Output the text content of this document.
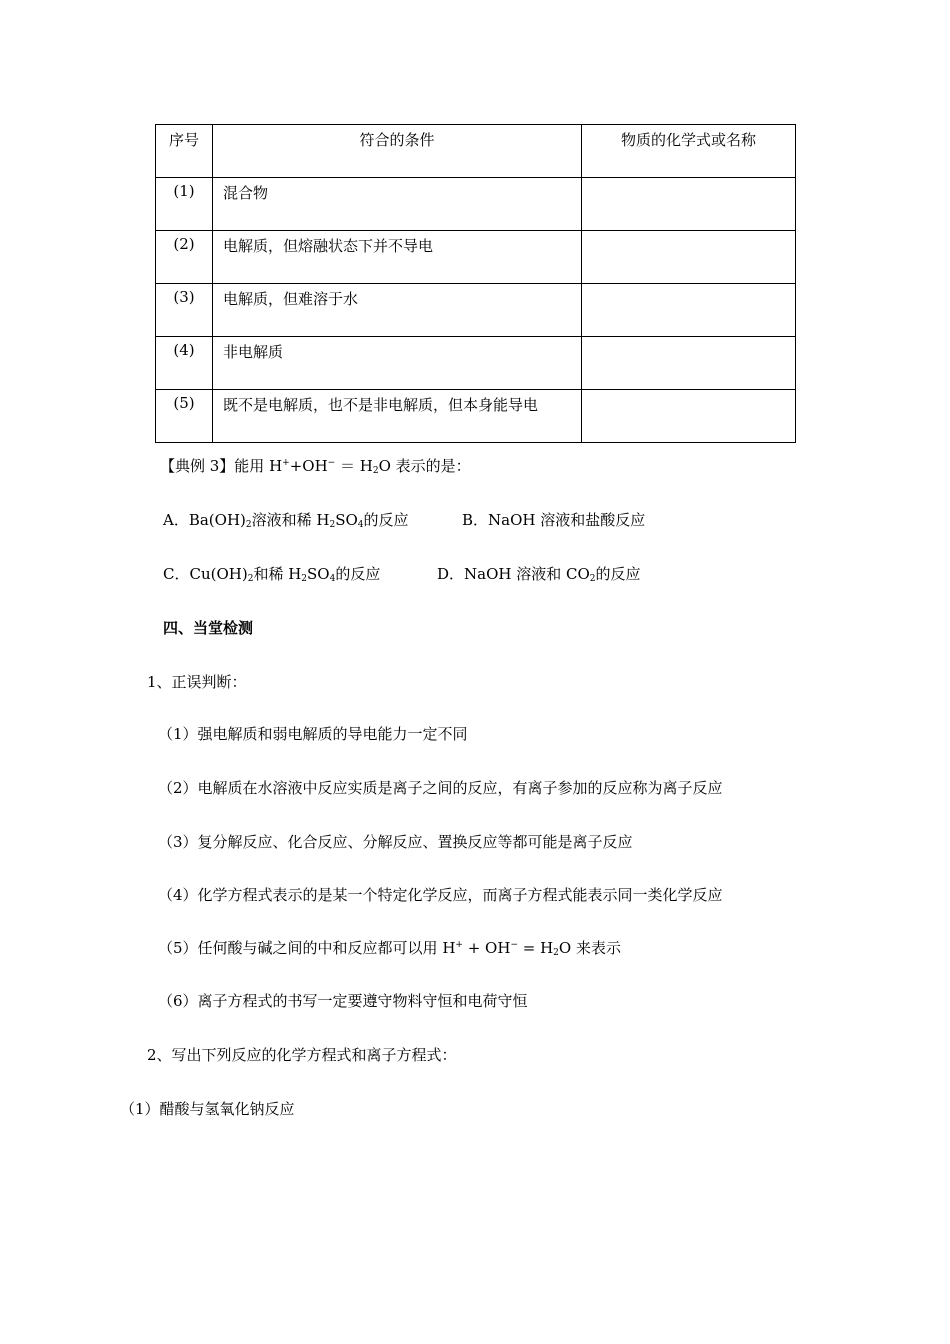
序号	符合的条件	物质的化学式或名称
(1)	混合物	
(2)	电解质，但熔融状态下并不导电	
(3)	电解质，但难溶于水	
(4)	非电解质	
(5)	既不是电解质，也不是非电解质，但本身能导电	
【典例 3】能用 $H^++OH^- = H_2O$ 表示的是：
A．$Ba(OH)_2$溶液和稀 $H_2SO_4$的反应	B．NaOH 溶液和盐酸反应
C．$Cu(OH)_2$和稀 $H_2SO_4$的反应	D．NaOH 溶液和 $CO_2$的反应
四、当堂检测
1、正误判断：
（1）强电解质和弱电解质的导电能力一定不同
（2）电解质在水溶液中反应实质是离子之间的反应，有离子参加的反应称为离子反应
（3）复分解反应、化合反应、分解反应、置换反应等都可能是离子反应
（4）化学方程式表示的是某一个特定化学反应，而离子方程式能表示同一类化学反应
（5）任何酸与碱之间的中和反应都可以用 $H^+ + OH^- = H_2O$ 来表示
（6）离子方程式的书写一定要遵守物料守恒和电荷守恒
2、写出下列反应的化学方程式和离子方程式：
（1）醋酸与氢氧化钠反应
